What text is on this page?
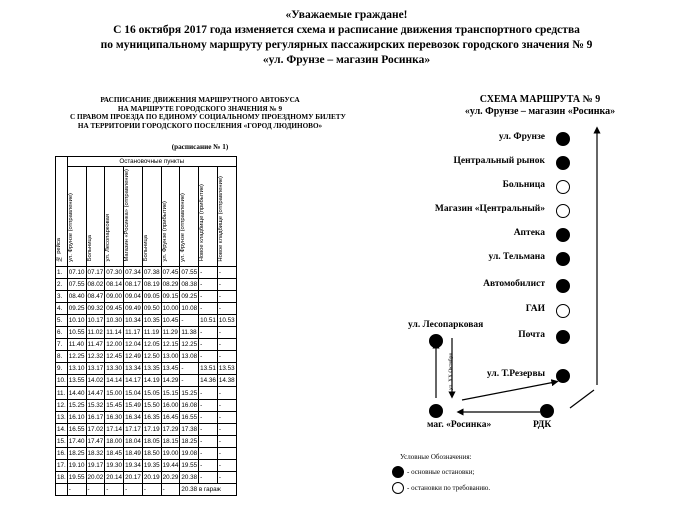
«Уважаемые граждане!
С 16 октября 2017 года изменяется схема и расписание движения транспортного средства
по муниципальному маршруту регулярных пассажирских перевозок городского значения № 9
«ул. Фрунзе – магазин Росинка»
РАСПИСАНИЕ ДВИЖЕНИЯ МАРШРУТНОГО АВТОБУСА
НА МАРШРУТЕ ГОРОДСКОГО ЗНАЧЕНИЯ № 9
С ПРАВОМ ПРОЕЗДА ПО ЕДИНОМУ СОЦИАЛЬНОМУ ПРОЕЗДНОМУ БИЛЕТУ
НА ТЕРРИТОРИИ ГОРОДСКОГО ПОСЕЛЕНИЯ «ГОРОД ЛЮДИНОВО»
(расписание № 1)
№ рейса	Остановочные пункты								
	ул. Фрунзе (отправление)	Больница	ул. Лесопарковая	Магазин «Росинка» (отправление)	Больница	ул. Фрунзе (прибытие)	ул. Фрунзе (отправление)	Новое кладбище (прибытие)	Новое кладбище (отправление)
1.	07.10	07.17	07.30	07.34	07.38	07.45	07.55	-	-
2.	07.55	08.02	08.14	08.17	08.19	08.29	08.38	-	-
3.	08.40	08.47	09.00	09.04	09.05	09.15	09.25	-	-
4.	09.25	09.32	09.45	09.49	09.50	10.00	10.08	-	-
5.	10.10	10.17	10.30	10.34	10.35	10.45	-	10.51	10.53
6.	10.55	11.02	11.14	11.17	11.19	11.29	11.38	-	-
7.	11.40	11.47	12.00	12.04	12.05	12.15	12.25	-	-
8.	12.25	12.32	12.45	12.49	12.50	13.00	13.08	-	-
9.	13.10	13.17	13.30	13.34	13.35	13.45	-	13.51	13.53
10.	13.55	14.02	14.14	14.17	14.19	14.29	-	14.36	14.38
11.	14.40	14.47	15.00	15.04	15.05	15.15	15.25	-	-
12.	15.25	15.32	15.45	15.49	15.50	16.00	16.08	-	-
13.	16.10	16.17	16.30	16.34	16.35	16.45	16.55	-	-
14.	16.55	17.02	17.14	17.17	17.19	17.29	17.38	-	-
15.	17.40	17.47	18.00	18.04	18.05	18.15	18.25	-	-
16.	18.25	18.32	18.45	18.49	18.50	19.00	19.08	-	-
17.	19.10	19.17	19.30	19.34	19.35	19.44	19.55	-	-
18.	19.55	20.02	20.14	20.17	20.19	20.29	20.38	-	-
	-	-	-	-	-	-	20.38 в гараж		
СХЕМА МАРШРУТА № 9
«ул. Фрунзе – магазин «Росинка»
ул. Фрунзе
Центральный рынок
Больница
Магазин «Центральный»
Аптека
ул. Тельмана
Автомобилист
ГАИ
Почта
ул. Т.Резервы
ул. Лесопарковая
маг. «Росинка»	РДК
ул. XX Октября
Условные Обозначения:
- основные остановки;
- остановки по требованию.
